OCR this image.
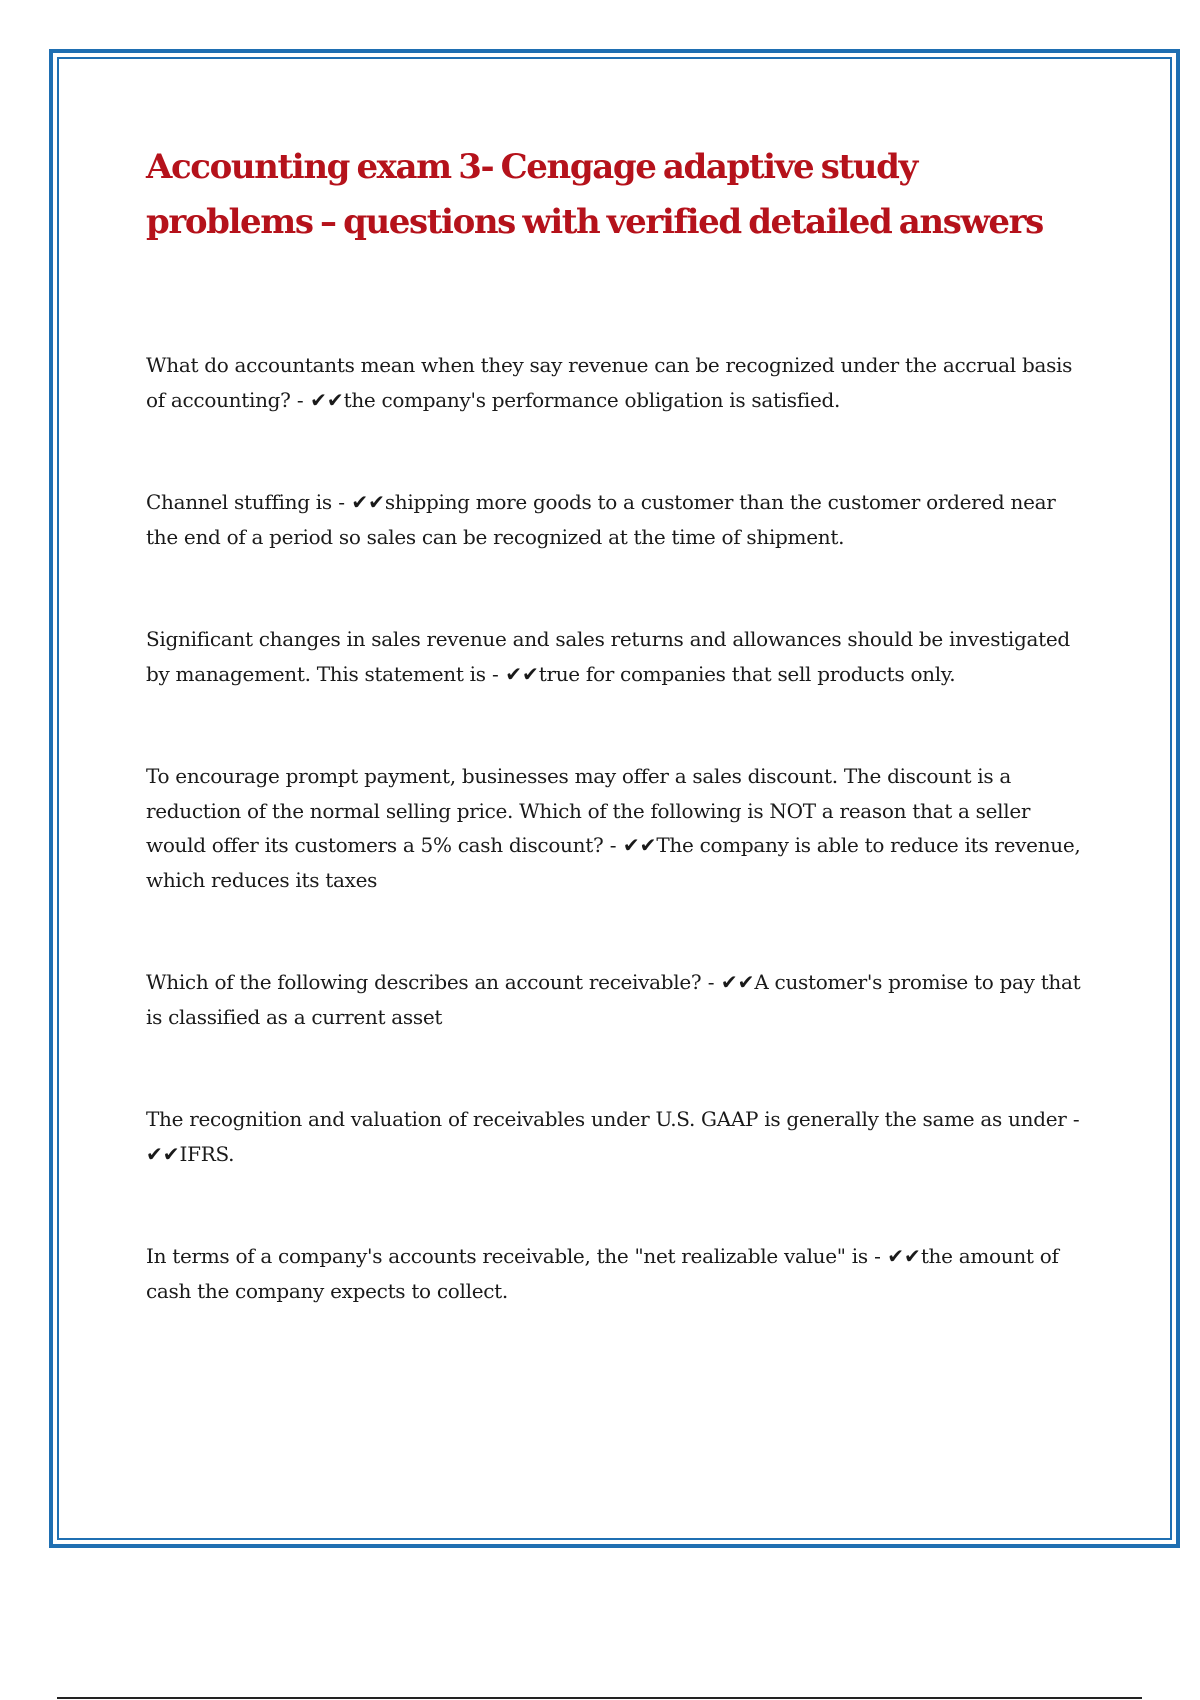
Accounting exam 3- Cengage adaptive study problems – questions with verified detailed answers

What do accountants mean when they say revenue can be recognized under the accrual basis of accounting? - ✔✔the company's performance obligation is satisfied.

Channel stuffing is - ✔✔shipping more goods to a customer than the customer ordered near the end of a period so sales can be recognized at the time of shipment.

Significant changes in sales revenue and sales returns and allowances should be investigated by management. This statement is - ✔✔true for companies that sell products only.

To encourage prompt payment, businesses may offer a sales discount. The discount is a reduction of the normal selling price. Which of the following is NOT a reason that a seller would offer its customers a 5% cash discount? - ✔✔The company is able to reduce its revenue, which reduces its taxes

Which of the following describes an account receivable? - ✔✔A customer's promise to pay that is classified as a current asset

The recognition and valuation of receivables under U.S. GAAP is generally the same as under - ✔✔IFRS.

In terms of a company's accounts receivable, the "net realizable value" is - ✔✔the amount of cash the company expects to collect.
